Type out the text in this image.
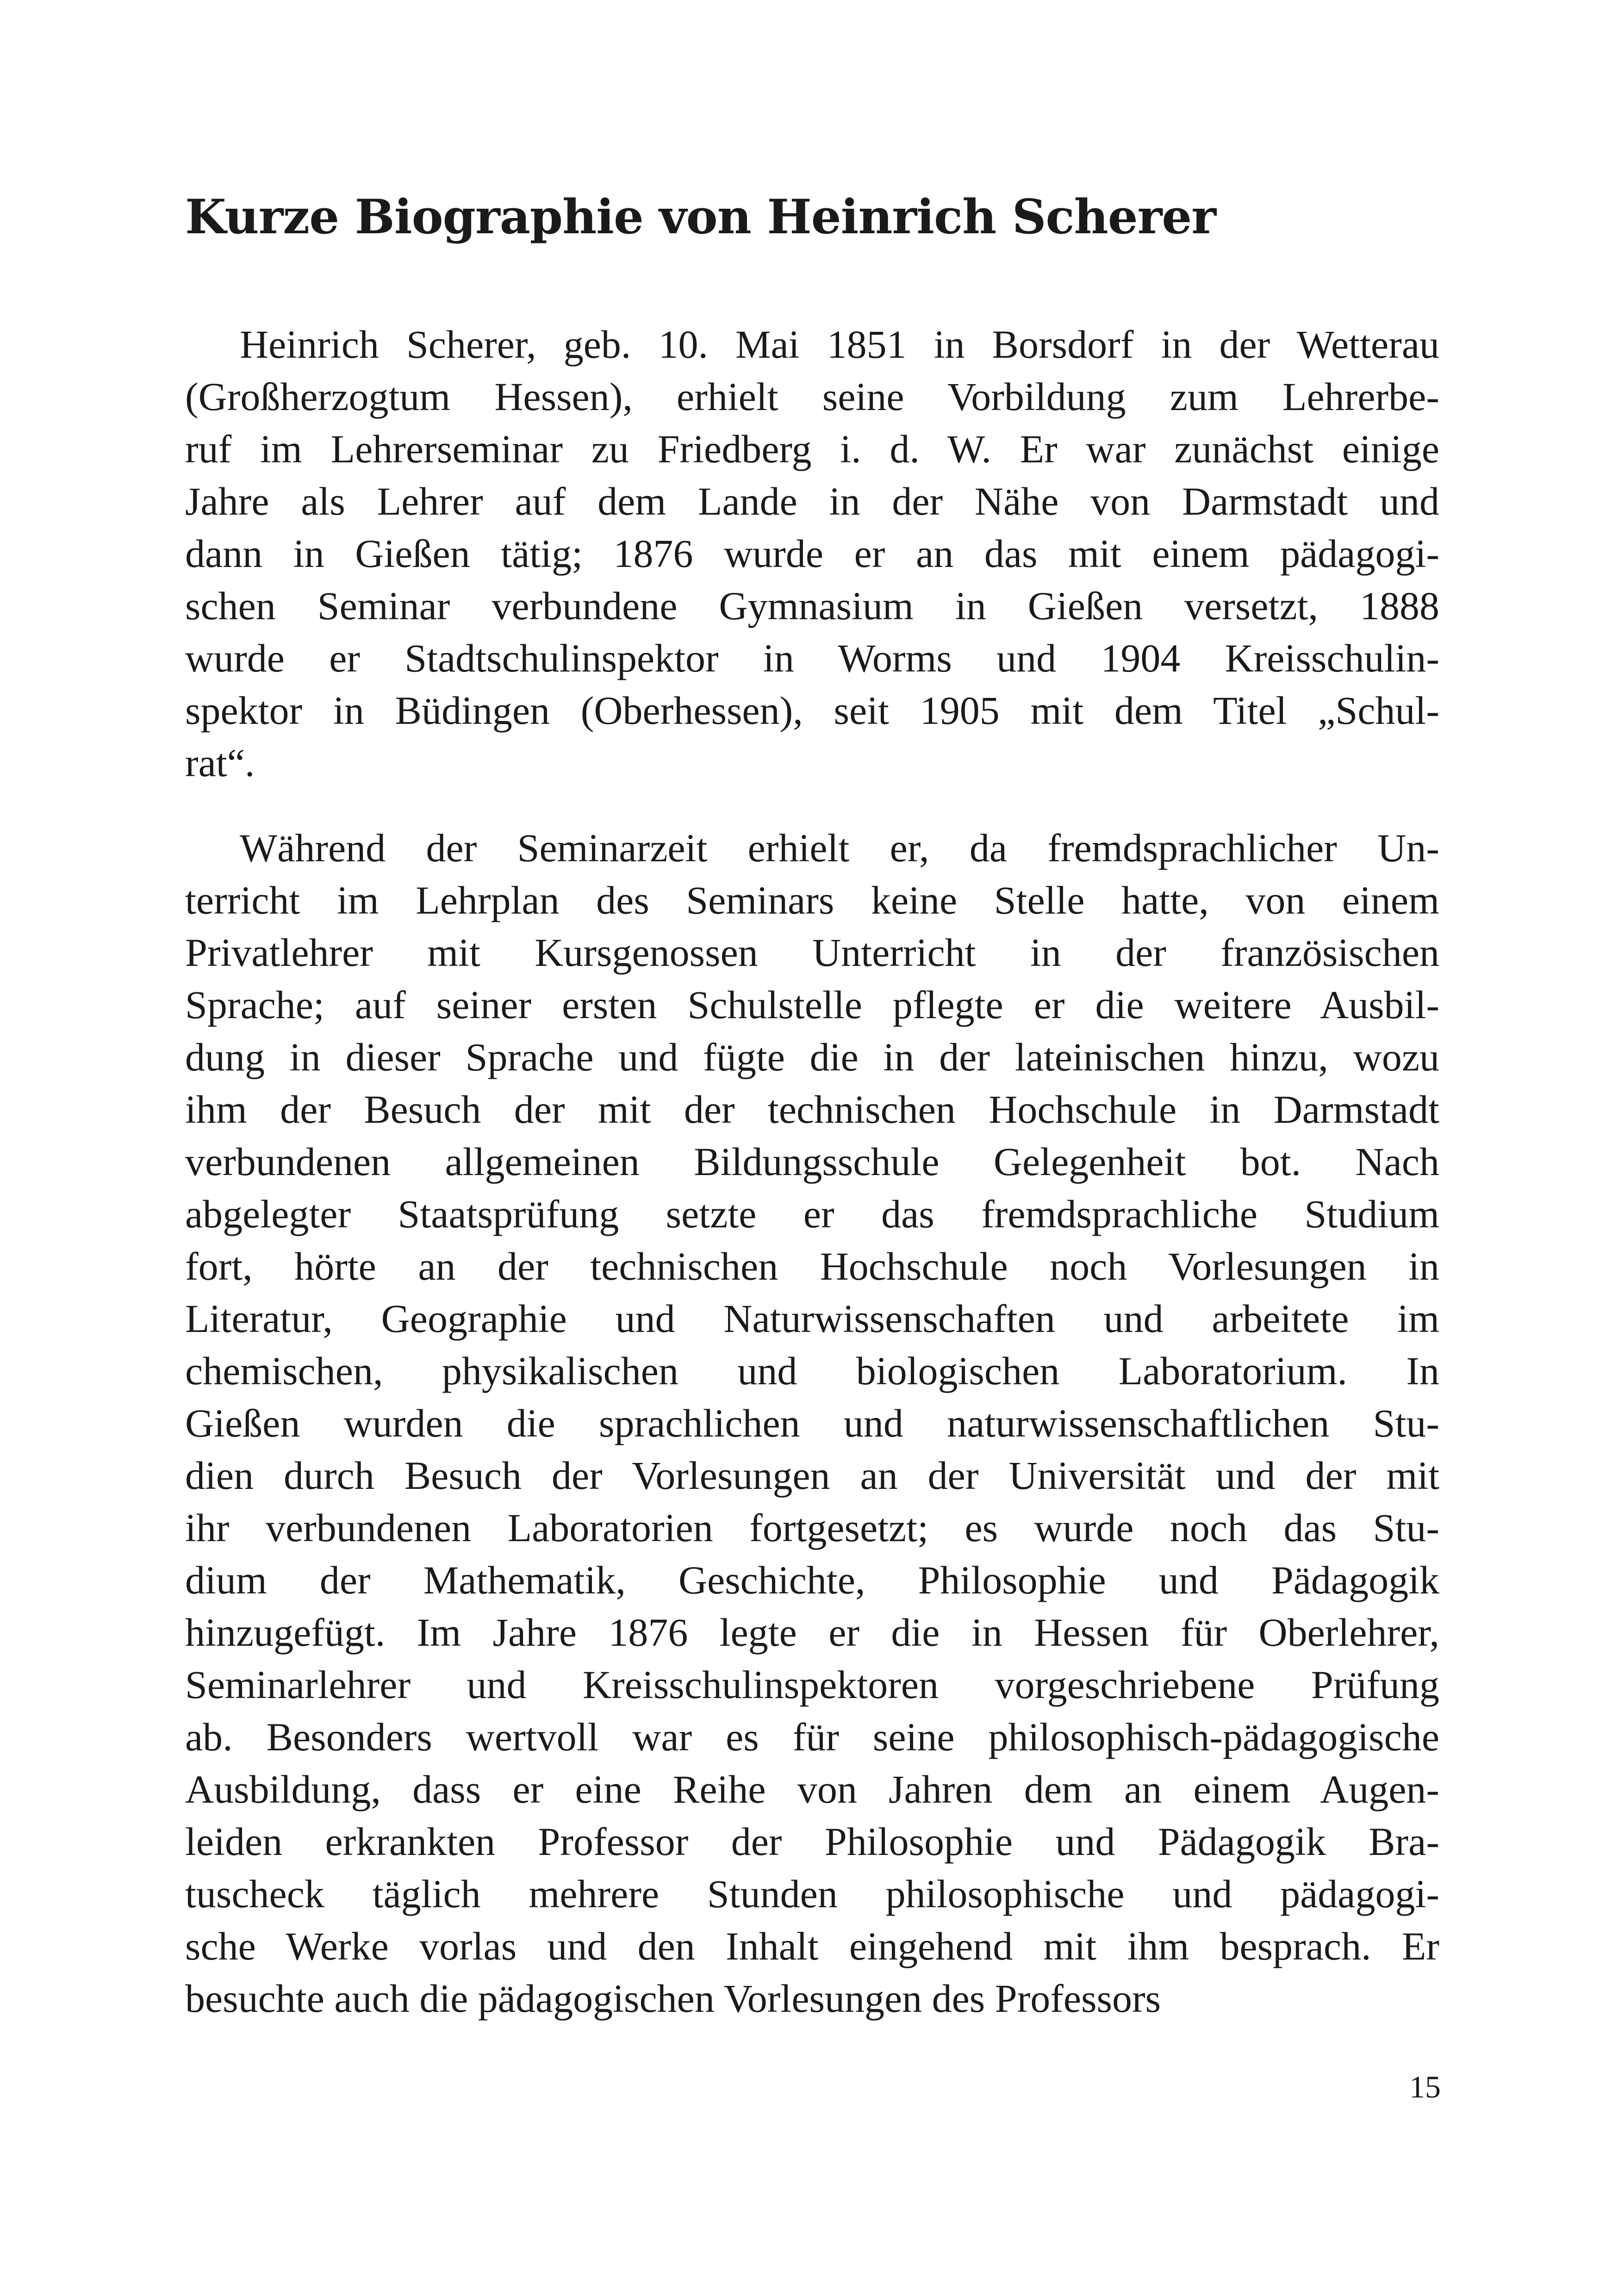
Kurze Biographie von Heinrich Scherer
Heinrich Scherer, geb. 10. Mai 1851 in Borsdorf in der Wetterau
(Großherzogtum Hessen), erhielt seine Vorbildung zum Lehrerbe-
ruf im Lehrerseminar zu Friedberg i. d. W. Er war zunächst einige
Jahre als Lehrer auf dem Lande in der Nähe von Darmstadt und
dann in Gießen tätig; 1876 wurde er an das mit einem pädagogi-
schen Seminar verbundene Gymnasium in Gießen versetzt, 1888
wurde er Stadtschulinspektor in Worms und 1904 Kreisschulin-
spektor in Büdingen (Oberhessen), seit 1905 mit dem Titel „Schul-
rat“.
Während der Seminarzeit erhielt er, da fremdsprachlicher Un-
terricht im Lehrplan des Seminars keine Stelle hatte, von einem
Privatlehrer mit Kursgenossen Unterricht in der französischen
Sprache; auf seiner ersten Schulstelle pflegte er die weitere Ausbil-
dung in dieser Sprache und fügte die in der lateinischen hinzu, wozu
ihm der Besuch der mit der technischen Hochschule in Darmstadt
verbundenen allgemeinen Bildungsschule Gelegenheit bot. Nach
abgelegter Staatsprüfung setzte er das fremdsprachliche Studium
fort, hörte an der technischen Hochschule noch Vorlesungen in
Literatur, Geographie und Naturwissenschaften und arbeitete im
chemischen, physikalischen und biologischen Laboratorium. In
Gießen wurden die sprachlichen und naturwissenschaftlichen Stu-
dien durch Besuch der Vorlesungen an der Universität und der mit
ihr verbundenen Laboratorien fortgesetzt; es wurde noch das Stu-
dium der Mathematik, Geschichte, Philosophie und Pädagogik
hinzugefügt. Im Jahre 1876 legte er die in Hessen für Oberlehrer,
Seminarlehrer und Kreisschulinspektoren vorgeschriebene Prüfung
ab. Besonders wertvoll war es für seine philosophisch-pädagogische
Ausbildung, dass er eine Reihe von Jahren dem an einem Augen-
leiden erkrankten Professor der Philosophie und Pädagogik Bra-
tuscheck täglich mehrere Stunden philosophische und pädagogi-
sche Werke vorlas und den Inhalt eingehend mit ihm besprach. Er
besuchte auch die pädagogischen Vorlesungen des Professors
15
